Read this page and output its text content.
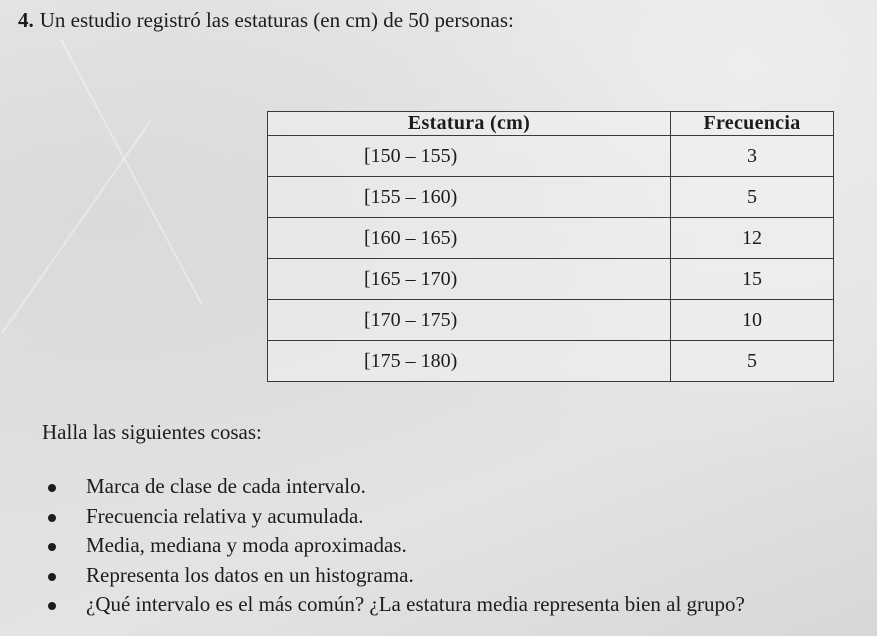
4. Un estudio registró las estaturas (en cm) de 50 personas:
Estatura (cm)	Frecuencia
[150 – 155)	3
[155 – 160)	5
[160 – 165)	12
[165 – 170)	15
[170 – 175)	10
[175 – 180)	5
Halla las siguientes cosas:
Marca de clase de cada intervalo.
Frecuencia relativa y acumulada.
Media, mediana y moda aproximadas.
Representa los datos en un histograma.
¿Qué intervalo es el más común? ¿La estatura media representa bien al grupo?
